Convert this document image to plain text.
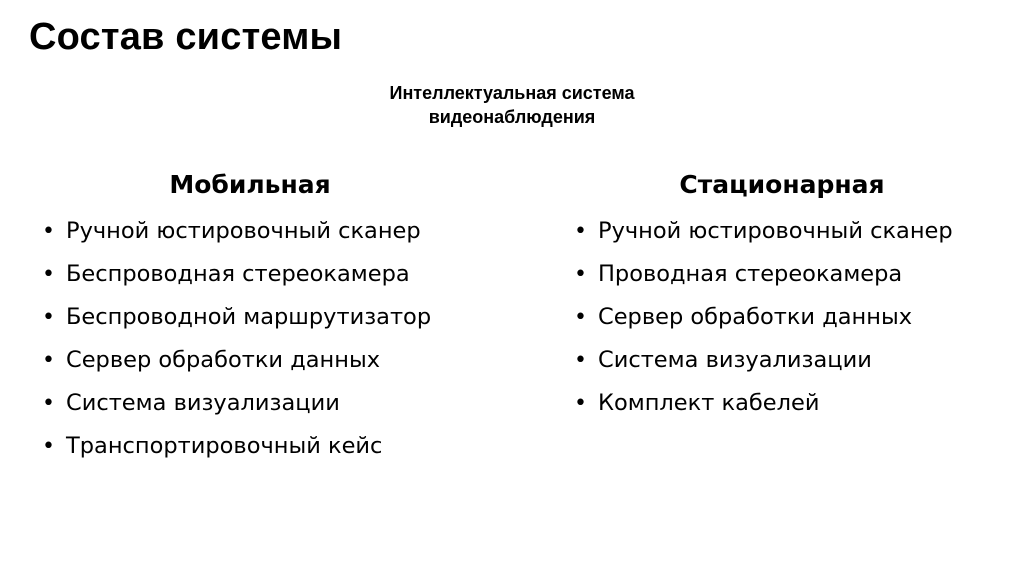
Состав системы
Интеллектуальная система
видеонаблюдения
Мобильная
• Ручной юстировочный сканер
• Беспроводная стереокамера
• Беспроводной маршрутизатор
• Сервер обработки данных
• Система визуализации
• Транспортировочный кейс
Стационарная
• Ручной юстировочный сканер
• Проводная стереокамера
• Сервер обработки данных
• Система визуализации
• Комплект кабелей
